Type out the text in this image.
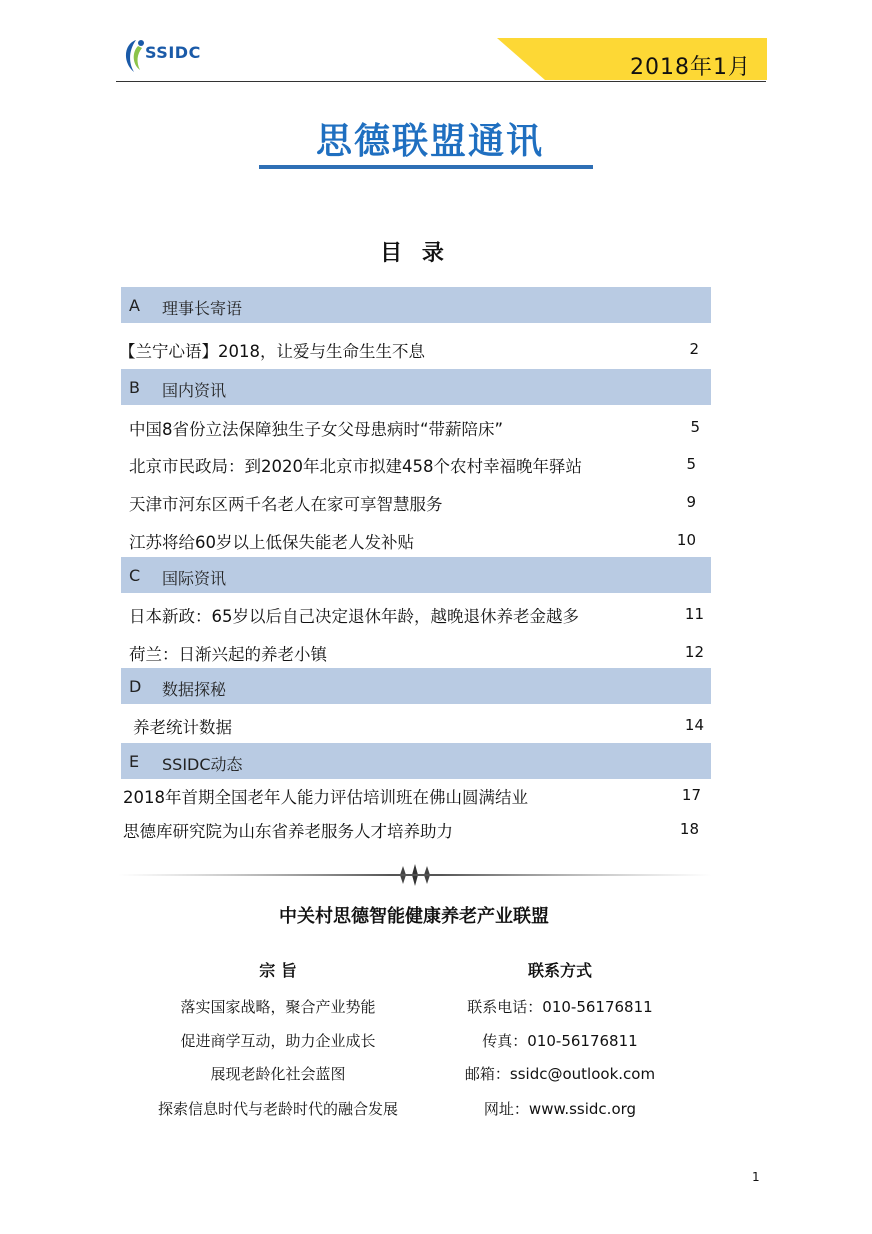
SSIDC
2018年1月
思德联盟通讯
目 录
A 理事长寄语
【兰宁心语】2018，让爱与生命生生不息	2
B 国内资讯
中国8省份立法保障独生子女父母患病时“带薪陪床”	5
北京市民政局：到2020年北京市拟建458个农村幸福晚年驿站	5
天津市河东区两千名老人在家可享智慧服务	9
江苏将给60岁以上低保失能老人发补贴	10
C 国际资讯
日本新政：65岁以后自己决定退休年龄，越晚退休养老金越多	11
荷兰：日渐兴起的养老小镇	12
D 数据探秘
养老统计数据	14
E SSIDC动态
2018年首期全国老年人能力评估培训班在佛山圆满结业	17
思德库研究院为山东省养老服务人才培养助力	18
中关村思德智能健康养老产业联盟
宗 旨
落实国家战略，聚合产业势能
促进商学互动，助力企业成长
展现老龄化社会蓝图
探索信息时代与老龄时代的融合发展
联系方式
联系电话：010-56176811
传真：010-56176811
邮箱：ssidc@outlook.com
网址：www.ssidc.org
1
